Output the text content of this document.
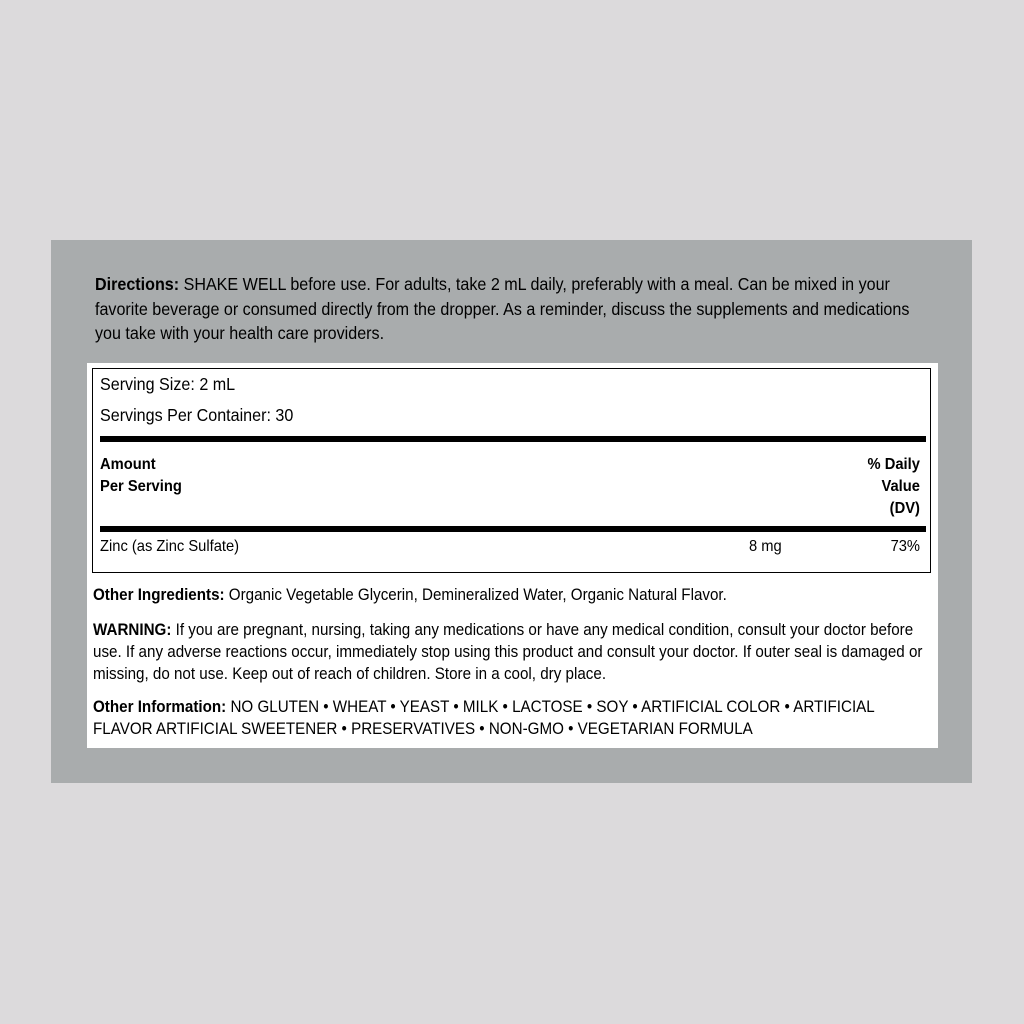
Directions: SHAKE WELL before use. For adults, take 2 mL daily, preferably with a meal. Can be mixed in your favorite beverage or consumed directly from the dropper. As a reminder, discuss the supplements and medications you take with your health care providers.
Serving Size: 2 mL
Servings Per Container: 30
Amount
Per Serving
% Daily
Value
(DV)
Zinc (as Zinc Sulfate)	8 mg	73%
Other Ingredients: Organic Vegetable Glycerin, Demineralized Water, Organic Natural Flavor.
WARNING: If you are pregnant, nursing, taking any medications or have any medical condition, consult your doctor before use. If any adverse reactions occur, immediately stop using this product and consult your doctor. If outer seal is damaged or missing, do not use. Keep out of reach of children. Store in a cool, dry place.
Other Information: NO GLUTEN • WHEAT • YEAST • MILK • LACTOSE • SOY • ARTIFICIAL COLOR • ARTIFICIAL FLAVOR ARTIFICIAL SWEETENER • PRESERVATIVES • NON-GMO • VEGETARIAN FORMULA
